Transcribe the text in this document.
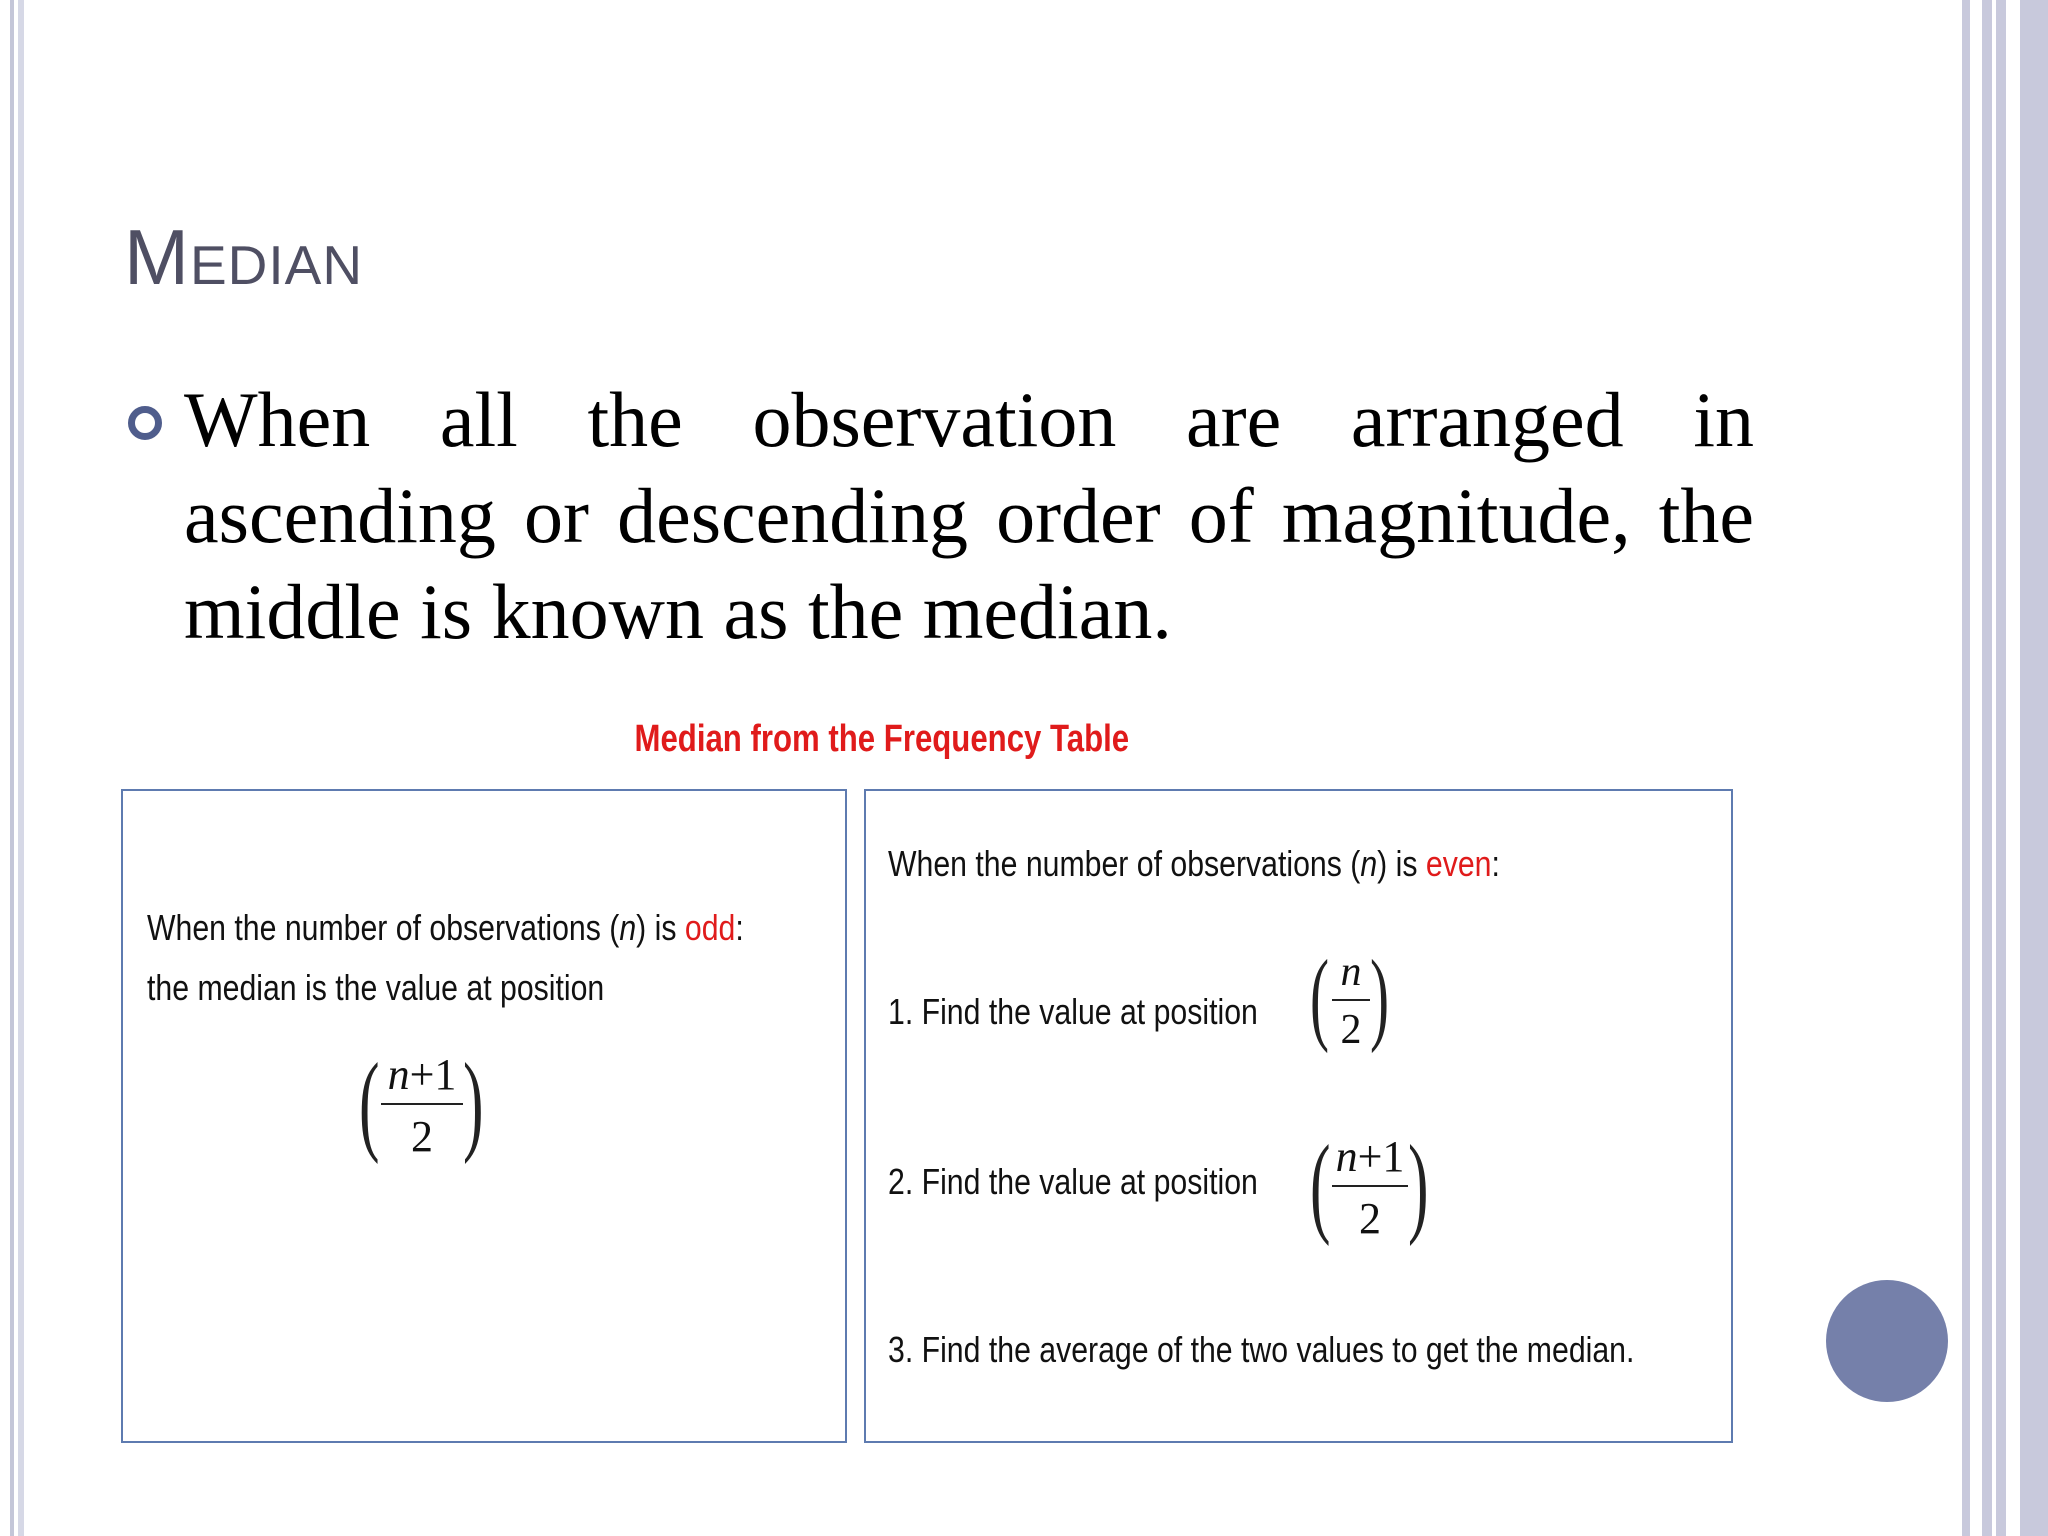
Median

When all the observation are arranged in ascending or descending order of magnitude, the middle is known as the median.

Median from the Frequency Table
When the number of observations (n) is odd:
the median is the value at position
( n+1
2 )
When the number of observations (n) is even:
1. Find the value at position ( n
2 )
2. Find the value at position ( n+1
2 )
3. Find the average of the two values to get the median.
